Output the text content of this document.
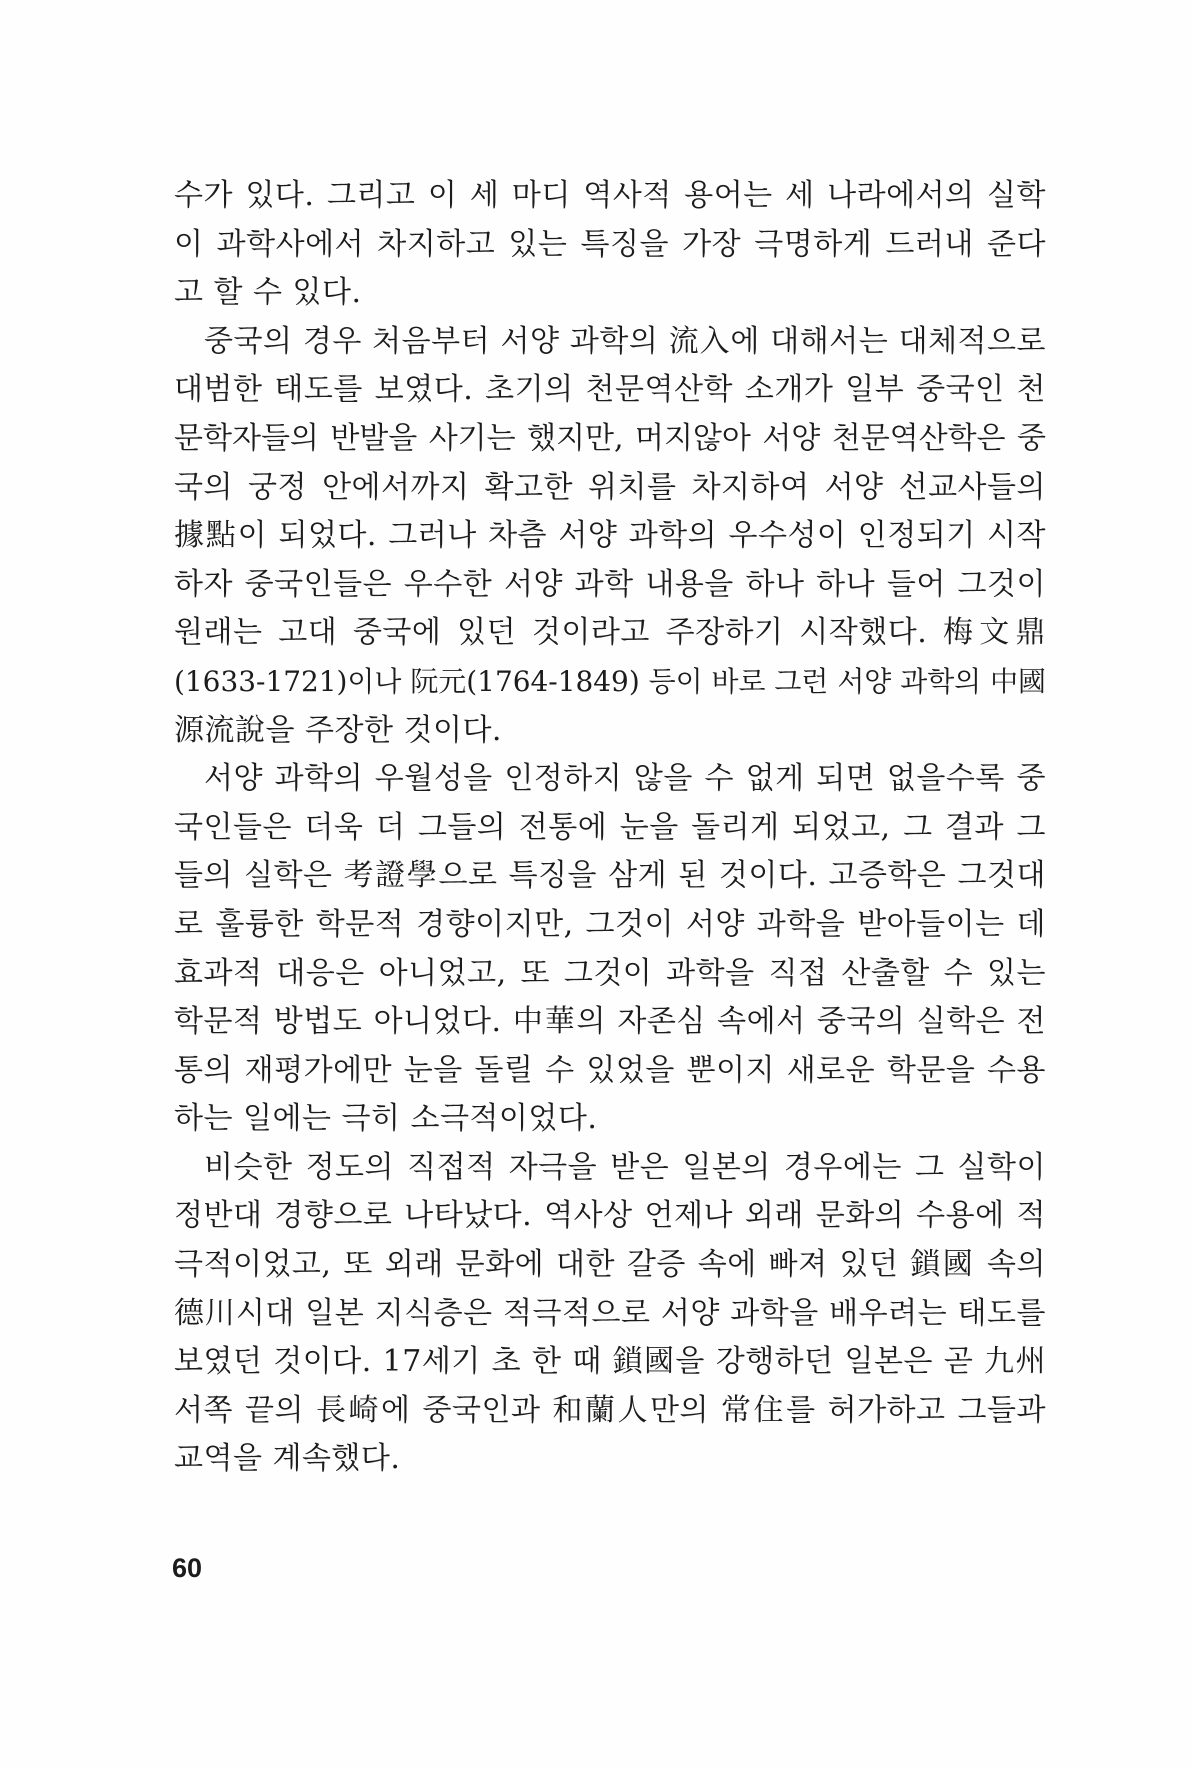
수가 있다. 그리고 이 세 마디 역사적 용어는 세 나라에서의 실학
이 과학사에서 차지하고 있는 특징을 가장 극명하게 드러내 준다
고 할 수 있다.
중국의 경우 처음부터 서양 과학의 流入에 대해서는 대체적으로
대범한 태도를 보였다. 초기의 천문역산학 소개가 일부 중국인 천
문학자들의 반발을 사기는 했지만, 머지않아 서양 천문역산학은 중
국의 궁정 안에서까지 확고한 위치를 차지하여 서양 선교사들의
據點이 되었다. 그러나 차츰 서양 과학의 우수성이 인정되기 시작
하자 중국인들은 우수한 서양 과학 내용을 하나 하나 들어 그것이
원래는 고대 중국에 있던 것이라고 주장하기 시작했다. 梅文鼎
(1633-1721)이나 阮元(1764-1849) 등이 바로 그런 서양 과학의 中國
源流說을 주장한 것이다.
서양 과학의 우월성을 인정하지 않을 수 없게 되면 없을수록 중
국인들은 더욱 더 그들의 전통에 눈을 돌리게 되었고, 그 결과 그
들의 실학은 考證學으로 특징을 삼게 된 것이다. 고증학은 그것대
로 훌륭한 학문적 경향이지만, 그것이 서양 과학을 받아들이는 데
효과적 대응은 아니었고, 또 그것이 과학을 직접 산출할 수 있는
학문적 방법도 아니었다. 中華의 자존심 속에서 중국의 실학은 전
통의 재평가에만 눈을 돌릴 수 있었을 뿐이지 새로운 학문을 수용
하는 일에는 극히 소극적이었다.
비슷한 정도의 직접적 자극을 받은 일본의 경우에는 그 실학이
정반대 경향으로 나타났다. 역사상 언제나 외래 문화의 수용에 적
극적이었고, 또 외래 문화에 대한 갈증 속에 빠져 있던 鎖國 속의
德川시대 일본 지식층은 적극적으로 서양 과학을 배우려는 태도를
보였던 것이다. 17세기 초 한 때 鎖國을 강행하던 일본은 곧 九州
서쪽 끝의 長崎에 중국인과 和蘭人만의 常住를 허가하고 그들과
교역을 계속했다.
60
